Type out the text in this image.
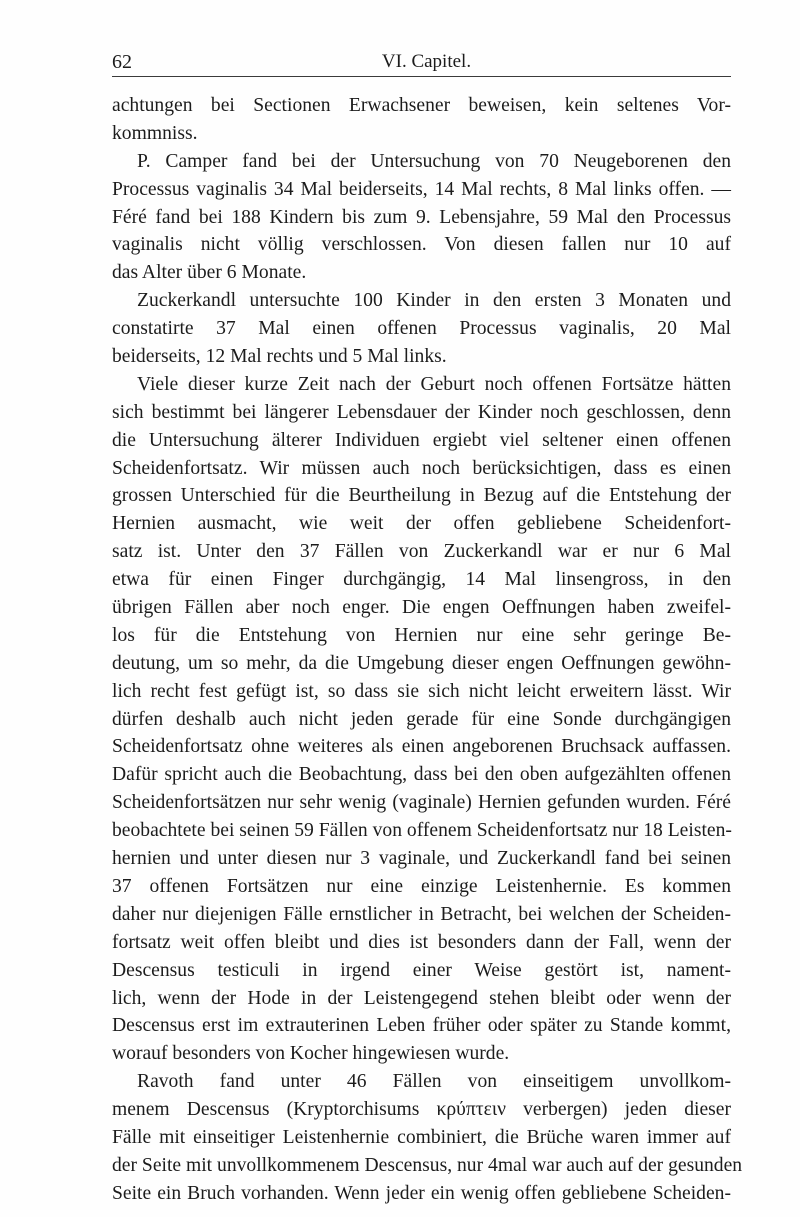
62	VI. Capitel.
achtungen bei Sectionen Erwachsener beweisen, kein seltenes Vor-
kommniss.
P. Camper fand bei der Untersuchung von 70 Neugeborenen den
Processus vaginalis 34 Mal beiderseits, 14 Mal rechts, 8 Mal links offen. —
Féré fand bei 188 Kindern bis zum 9. Lebensjahre, 59 Mal den Processus
vaginalis nicht völlig verschlossen. Von diesen fallen nur 10 auf
das Alter über 6 Monate.
Zuckerkandl untersuchte 100 Kinder in den ersten 3 Monaten und
constatirte 37 Mal einen offenen Processus vaginalis, 20 Mal
beiderseits, 12 Mal rechts und 5 Mal links.
Viele dieser kurze Zeit nach der Geburt noch offenen Fortsätze hätten
sich bestimmt bei längerer Lebensdauer der Kinder noch geschlossen, denn
die Untersuchung älterer Individuen ergiebt viel seltener einen offenen
Scheidenfortsatz. Wir müssen auch noch berücksichtigen, dass es einen
grossen Unterschied für die Beurtheilung in Bezug auf die Entstehung der
Hernien ausmacht, wie weit der offen gebliebene Scheidenfort-
satz ist. Unter den 37 Fällen von Zuckerkandl war er nur 6 Mal
etwa für einen Finger durchgängig, 14 Mal linsengross, in den
übrigen Fällen aber noch enger. Die engen Oeffnungen haben zweifel-
los für die Entstehung von Hernien nur eine sehr geringe Be-
deutung, um so mehr, da die Umgebung dieser engen Oeffnungen gewöhn-
lich recht fest gefügt ist, so dass sie sich nicht leicht erweitern lässt. Wir
dürfen deshalb auch nicht jeden gerade für eine Sonde durchgängigen
Scheidenfortsatz ohne weiteres als einen angeborenen Bruchsack auffassen.
Dafür spricht auch die Beobachtung, dass bei den oben aufgezählten offenen
Scheidenfortsätzen nur sehr wenig (vaginale) Hernien gefunden wurden. Féré
beobachtete bei seinen 59 Fällen von offenem Scheidenfortsatz nur 18 Leisten-
hernien und unter diesen nur 3 vaginale, und Zuckerkandl fand bei seinen
37 offenen Fortsätzen nur eine einzige Leistenhernie. Es kommen
daher nur diejenigen Fälle ernstlicher in Betracht, bei welchen der Scheiden-
fortsatz weit offen bleibt und dies ist besonders dann der Fall, wenn der
Descensus testiculi in irgend einer Weise gestört ist, nament-
lich, wenn der Hode in der Leistengegend stehen bleibt oder wenn der
Descensus erst im extrauterinen Leben früher oder später zu Stande kommt,
worauf besonders von Kocher hingewiesen wurde.
Ravoth fand unter 46 Fällen von einseitigem unvollkom-
menem Descensus (Kryptorchisums κρύπτειν verbergen) jeden dieser
Fälle mit einseitiger Leistenhernie combiniert, die Brüche waren immer auf
der Seite mit unvollkommenem Descensus, nur 4mal war auch auf der gesunden
Seite ein Bruch vorhanden. Wenn jeder ein wenig offen gebliebene Scheiden-
